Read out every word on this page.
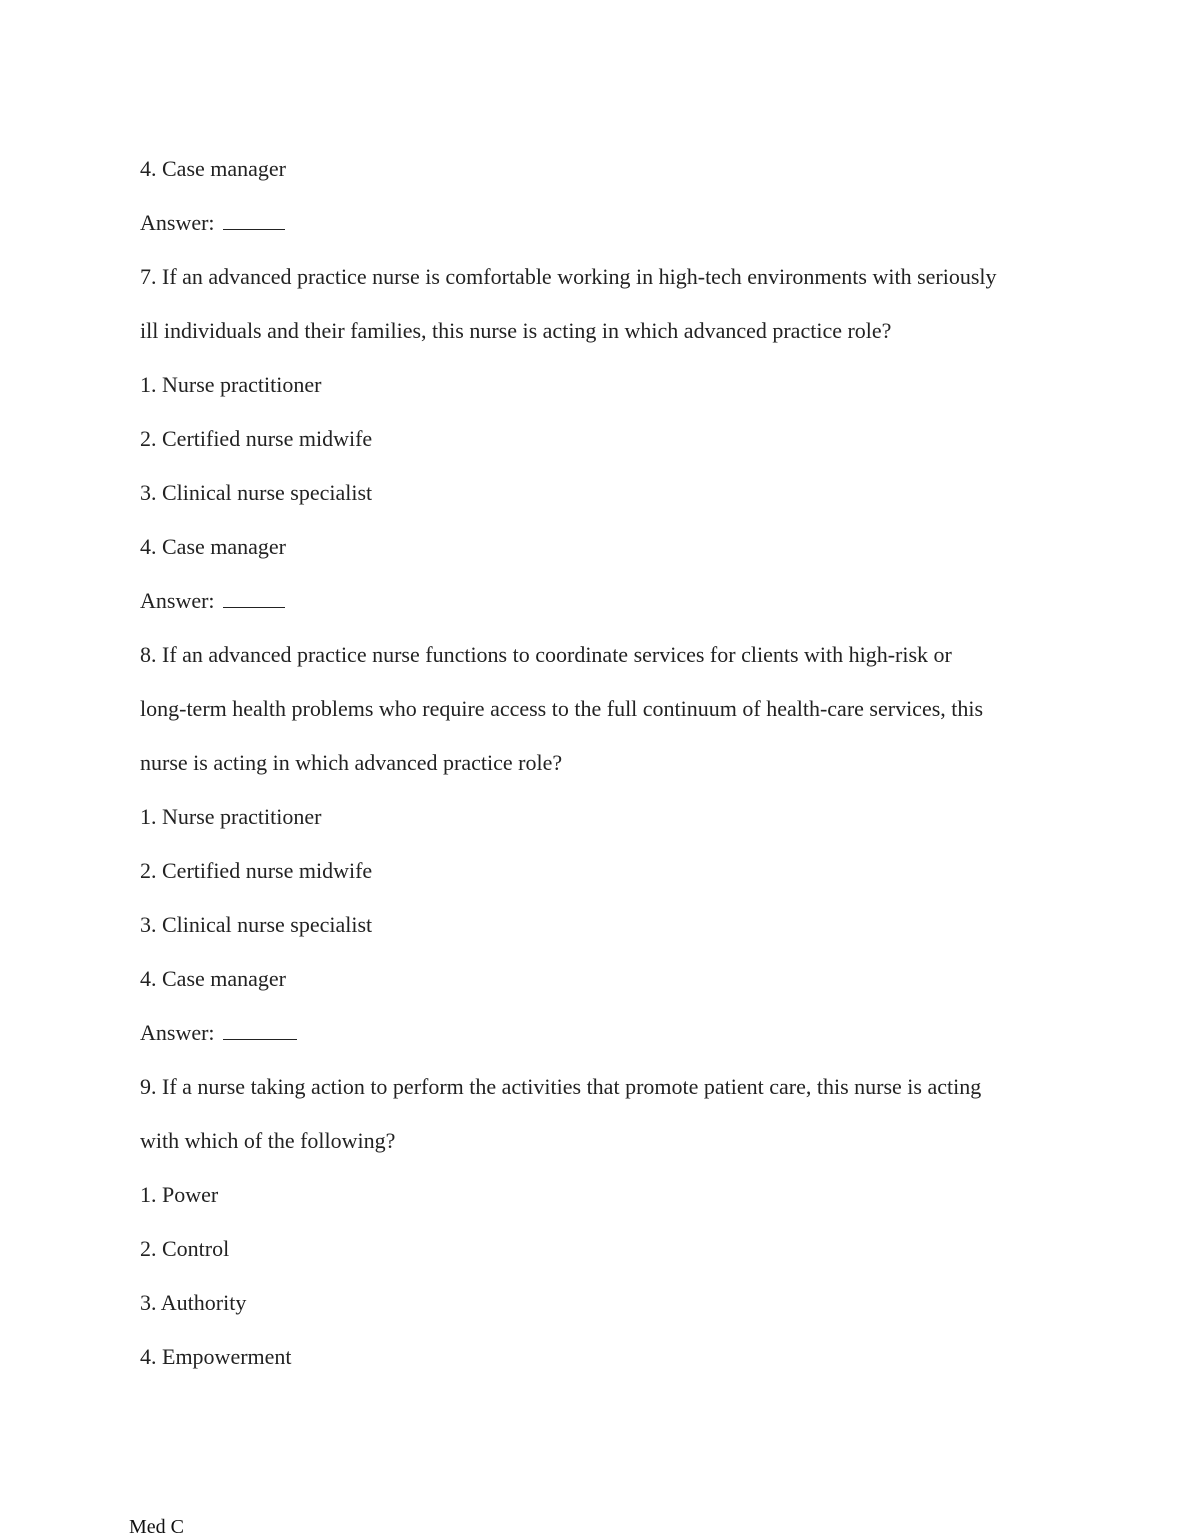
4. Case manager
Answer:
7. If an advanced practice nurse is comfortable working in high-tech environments with seriously
ill individuals and their families, this nurse is acting in which advanced practice role?
1. Nurse practitioner
2. Certified nurse midwife
3. Clinical nurse specialist
4. Case manager
Answer:
8. If an advanced practice nurse functions to coordinate services for clients with high-risk or
long-term health problems who require access to the full continuum of health-care services, this
nurse is acting in which advanced practice role?
1. Nurse practitioner
2. Certified nurse midwife
3. Clinical nurse specialist
4. Case manager
Answer:
9. If a nurse taking action to perform the activities that promote patient care, this nurse is acting
with which of the following?
1. Power
2. Control
3. Authority
4. Empowerment
Med C
